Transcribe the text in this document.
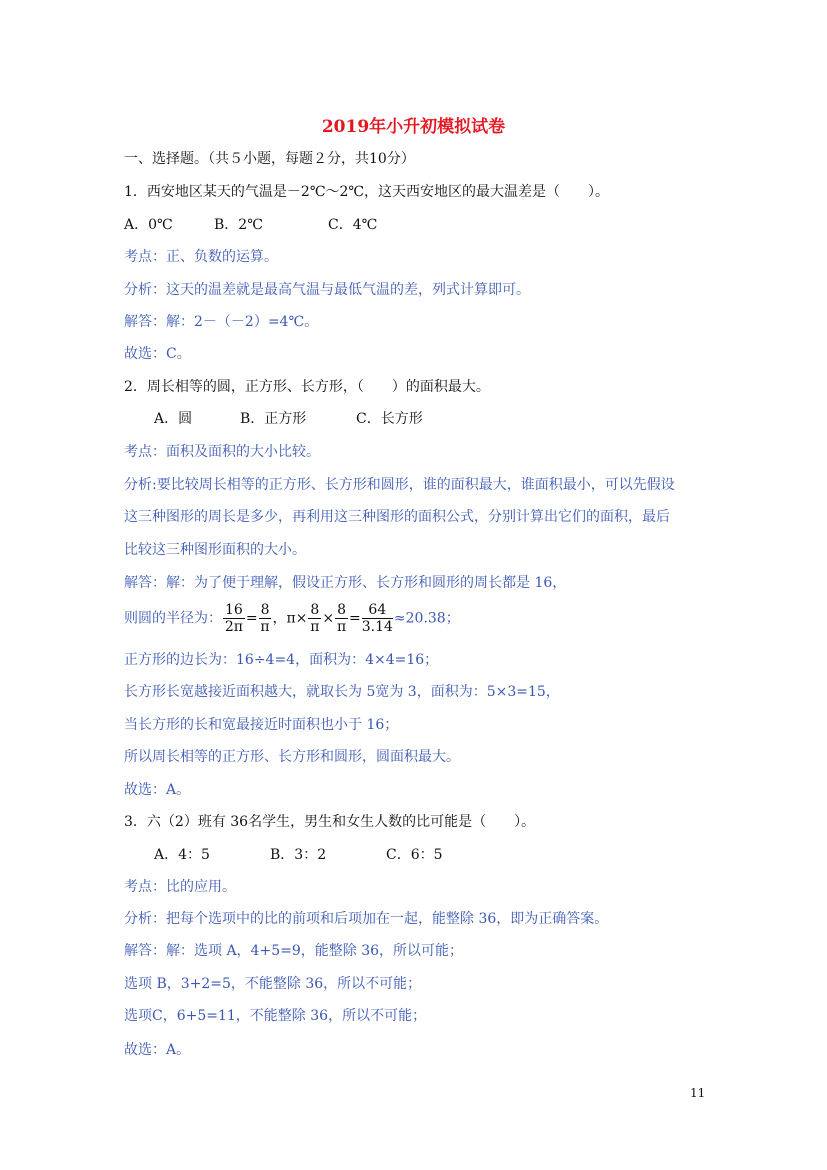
2019年小升初模拟试卷
一、选择题。（共５小题，每题２分，共10分）
1．西安地区某天的气温是－2℃～2℃，这天西安地区的最大温差是（　　）。
A．0℃	B．2℃	C．4℃
考点：正、负数的运算。
分析：这天的温差就是最高气温与最低气温的差，列式计算即可。
解答：解：2－（－2）=4℃。
故选：C。
2．周长相等的圆，正方形、长方形，（　　）的面积最大。
A．圆	B．正方形	C．长方形
考点：面积及面积的大小比较。
分析:要比较周长相等的正方形、长方形和圆形，谁的面积最大，谁面积最小，可以先假设
这三种图形的周长是多少，再利用这三种图形的面积公式，分别计算出它们的面积，最后
比较这三种图形面积的大小。
解答：解：为了便于理解，假设正方形、长方形和圆形的周长都是 16，
则圆的半径为： $\frac{16}{2\pi} = \frac{8}{\pi}$ ，$\pi\times \frac{8}{\pi} \times \frac{8}{\pi} = \frac{64}{3.14} \approx 20.38$；
正方形的边长为：16÷4=4，面积为：4×4=16；
长方形长宽越接近面积越大，就取长为 5宽为 3，面积为：5×3=15，
当长方形的长和宽最接近时面积也小于 16；
所以周长相等的正方形、长方形和圆形，圆面积最大。
故选：A。
3．六（2）班有 36名学生，男生和女生人数的比可能是（　　）。
A．4：5	B．3：2	C．6：5
考点：比的应用。
分析：把每个选项中的比的前项和后项加在一起，能整除 36，即为正确答案。
解答：解：选项 A，4+5=9，能整除 36，所以可能；
选项 B，3+2=5，不能整除 36，所以不可能；
选项C，6+5=11，不能整除 36，所以不可能；
故选：A。
11
